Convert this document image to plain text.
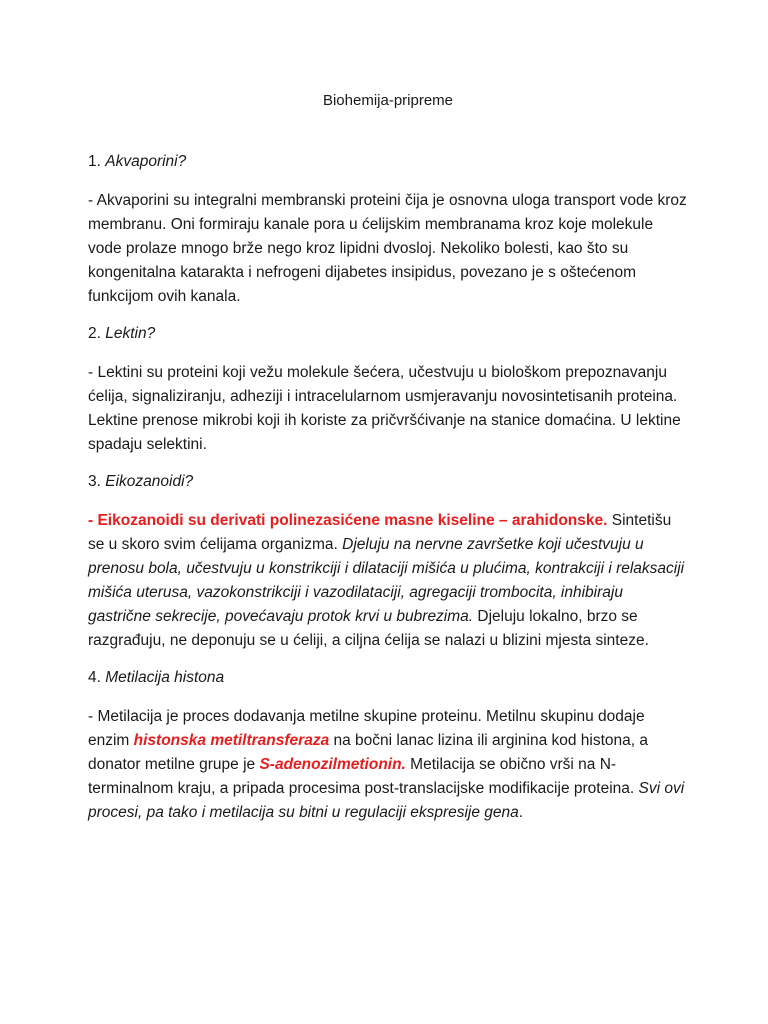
Biohemija-pripreme
1. Akvaporini?

- Akvaporini su integralni membranski proteini čija je osnovna uloga transport vode kroz membranu. Oni formiraju kanale pora u ćelijskim membranama kroz koje molekule vode prolaze mnogo brže nego kroz lipidni dvosloj. Nekoliko bolesti, kao što su kongenitalna katarakta i nefrogeni dijabetes insipidus, povezano je s oštećenom funkcijom ovih kanala.

2. Lektin?

- Lektini su proteini koji vežu molekule šećera, učestvuju u biološkom prepoznavanju ćelija, signaliziranju, adheziji i intracelularnom usmjeravanju novosintetisanih proteina. Lektine prenose mikrobi koji ih koriste za pričvršćivanje na stanice domaćina. U lektine spadaju selektini.

3. Eikozanoidi?

- Eikozanoidi su derivati polinezasićene masne kiseline – arahidonske. Sintetišu se u skoro svim ćelijama organizma. Djeluju na nervne završetke koji učestvuju u prenosu bola, učestvuju u konstrikciji i dilataciji mišića u plućima, kontrakciji i relaksaciji mišića uterusa, vazokonstrikciji i vazodilataciji, agregaciji trombocita, inhibiraju gastrične sekrecije, povećavaju protok krvi u bubrezima. Djeluju lokalno, brzo se razgrađuju, ne deponuju se u ćeliji, a ciljna ćelija se nalazi u blizini mjesta sinteze.

4. Metilacija histona

- Metilacija je proces dodavanja metilne skupine proteinu. Metilnu skupinu dodaje enzim histonska metiltransferaza na bočni lanac lizina ili arginina kod histona, a donator metilne grupe je S-adenozilmetionin. Metilacija se obično vrši na N-terminalnom kraju, a pripada procesima post-translacijske modifikacije proteina. Svi ovi procesi, pa tako i metilacija su bitni u regulaciji ekspresije gena.
